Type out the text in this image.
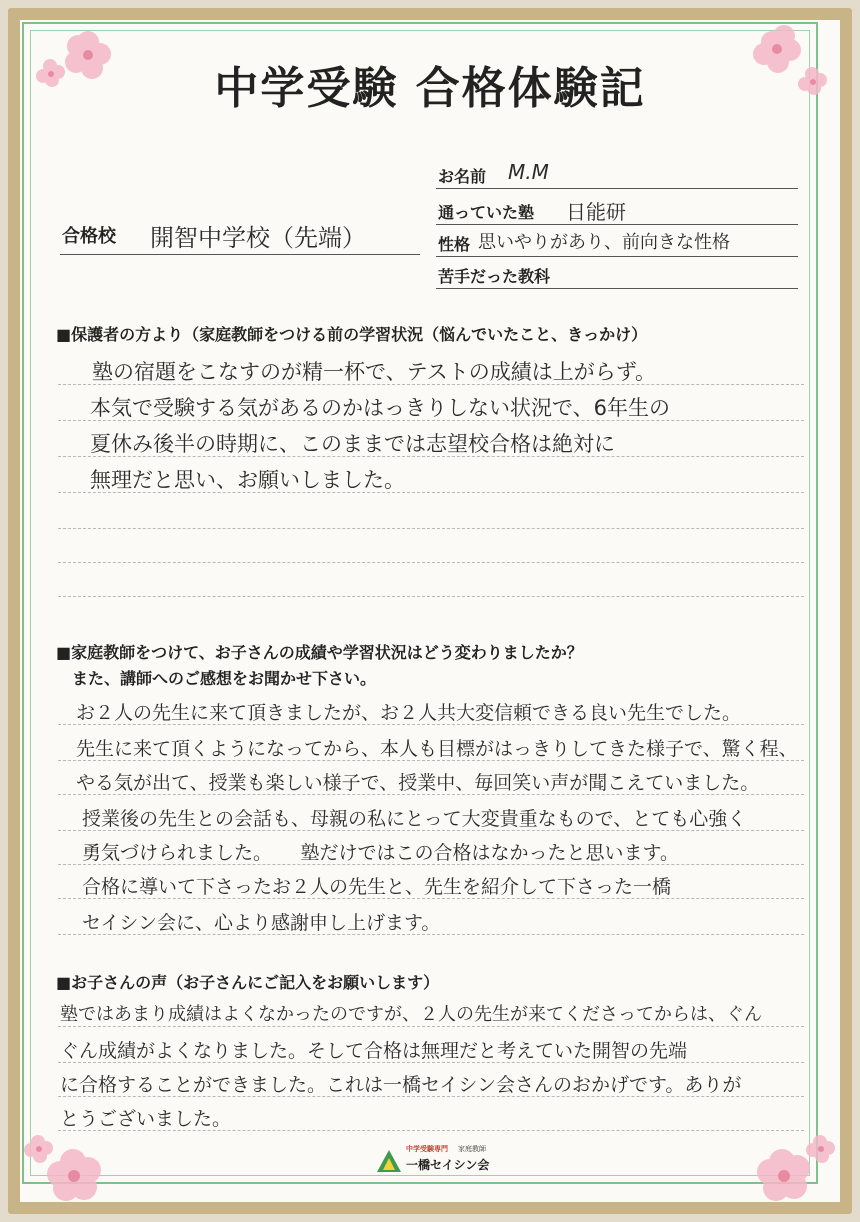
中学受験 合格体験記
合格校 開智中学校（先端）
お名前 M.M
通っていた塾 日能研
性格 思いやりがあり、前向きな性格
苦手だった教科
■保護者の方より（家庭教師をつける前の学習状況（悩んでいたこと、きっかけ）
塾の宿題をこなすのが精一杯で、テストの成績は上がらず。
本気で受験する気があるのかはっきりしない状況で、6年生の
夏休み後半の時期に、このままでは志望校合格は絶対に
無理だと思い、お願いしました。
■家庭教師をつけて、お子さんの成績や学習状況はどう変わりましたか？
また、講師へのご感想をお聞かせ下さい。
お２人の先生に来て頂きましたが、お２人共大変信頼できる良い先生でした。
先生に来て頂くようになってから、本人も目標がはっきりしてきた様子で、驚く程、
やる気が出て、授業も楽しい様子で、授業中、毎回笑い声が聞こえていました。
授業後の先生との会話も、母親の私にとって大変貴重なもので、とても心強く
勇気づけられました。　　塾だけではこの合格はなかったと思います。
合格に導いて下さったお２人の先生と、先生を紹介して下さった一橋
セイシン会に、心より感謝申し上げます。
■お子さんの声（お子さんにご記入をお願いします）
塾ではあまり成績はよくなかったのですが、２人の先生が来てくださってからは、ぐん
ぐん成績がよくなりました。そして合格は無理だと考えていた開智の先端
に合格することができました。これは一橋セイシン会さんのおかげです。ありが
とうございました。
中学受験専門 家庭教師
一橋セイシン会
